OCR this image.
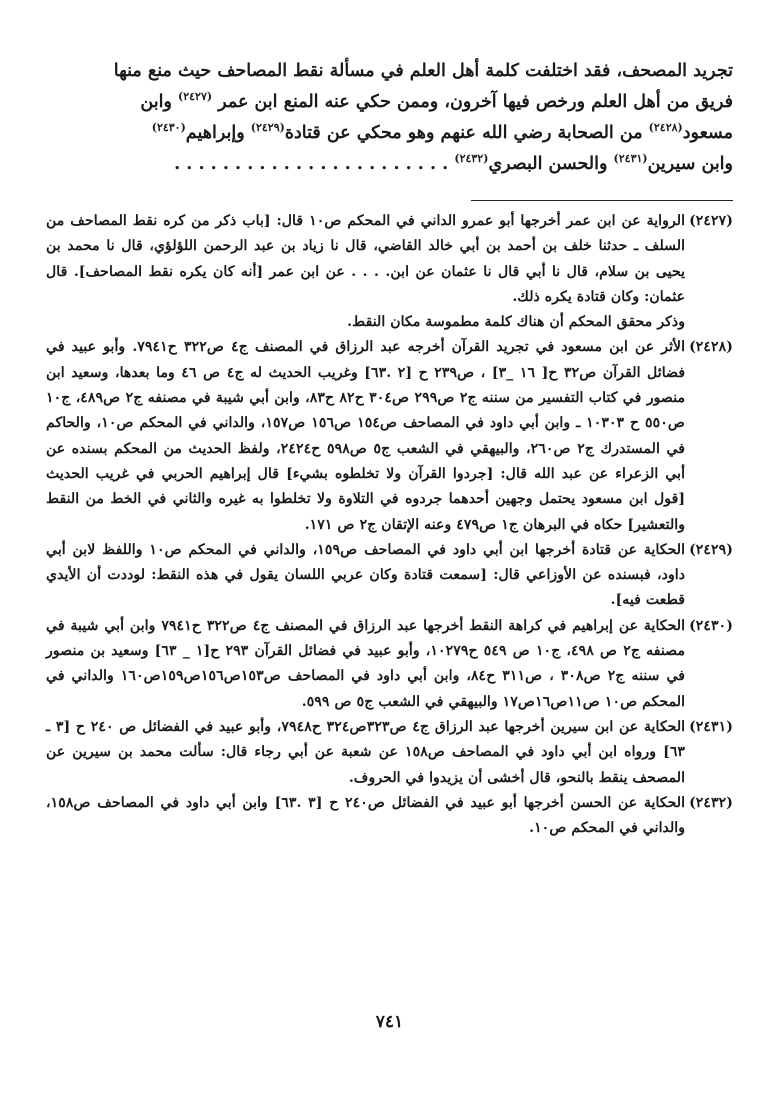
تجريد المصحف، فقد اختلفت كلمة أهل العلم في مسألة نقط المصاحف حيث منع منها

فريق من أهل العلم ورخص فيها آخرون، وممن حكي عنه المنع ابن عمر $^{(٢٤٢٧)}$ وابن

مسعود$^{(٢٤٢٨)}$ من الصحابة رضي الله عنهم وهو محكي عن قتادة$^{(٢٤٢٩)}$ وإبراهيم$^{(٢٤٣٠)}$

وابن سيرين$^{(٢٤٣١)}$ والحسن البصري$^{(٢٤٣٢)}$ . . . . . . . . . . . . . . . . . . . . . . .

(٢٤٢٧)

الرواية عن ابن عمر أخرجها أبو عمرو الداني في المحكم ص١٠ قال: [باب ذكر من كره نقط المصاحف من السلف ـ حدثنا خلف بن أحمد بن أبي خالد القاضي، قال نا زياد بن عبد الرحمن اللؤلؤي، قال نا محمد بن يحيى بن سلام، قال نا أبي قال نا عثمان عن ابن. . . . عن ابن عمر [أنه كان يكره نقط المصاحف]. قال عثمان: وكان قتادة يكره ذلك.

وذكر محقق المحكم أن هناك كلمة مطموسة مكان النقط.

(٢٤٢٨)

الأثر عن ابن مسعود في تجريد القرآن أخرجه عبد الرزاق في المصنف ج٤ ص٣٢٢ ح٧٩٤١. وأبو عبيد في فضائل القرآن ص٣٢ ح[ ١٦ _٣] ، ص٢٣٩ ح [٢ .٦٣] وغريب الحديث له ج٤ ص ٤٦ وما بعدها، وسعيد ابن منصور في كتاب التفسير من سننه ج٢ ص٢٩٩ ص٣٠٤ ح٨٢ ح٨٣، وابن أبي شيبة في مصنفه ج٢ ص٤٨٩، ج١٠ ص٥٥٠ ح ١٠٣٠٣ ـ وابن أبي داود في المصاحف ص١٥٤ ص١٥٦ ص١٥٧، والداني في المحكم ص١٠، والحاكم في المستدرك ج٢ ص٢٦٠، والبيهقي في الشعب ج٥ ص٥٩٨ ح٢٤٢٤، ولفظ الحديث من المحكم بسنده عن أبي الزعراء عن عبد الله قال: [جردوا القرآن ولا تخلطوه بشيء] قال إبراهيم الحربي في غريب الحديث [قول ابن مسعود يحتمل وجهين أحدهما جردوه في التلاوة ولا تخلطوا به غيره والثاني في الخط من النقط والتعشير] حكاه في البرهان ج١ ص٤٧٩ وعنه الإتقان ج٢ ص ١٧١.

(٢٤٢٩)

الحكاية عن قتادة أخرجها ابن أبي داود في المصاحف ص١٥٩، والداني في المحكم ص١٠ واللفظ لابن أبي داود، فبسنده عن الأوزاعي قال: [سمعت قتادة وكان عربي اللسان يقول في هذه النقط: لوددت أن الأيدي قطعت فيه].

(٢٤٣٠)

الحكاية عن إبراهيم في كراهة النقط أخرجها عبد الرزاق في المصنف ج٤ ص٣٢٢ ح٧٩٤١ وابن أبي شيبة في مصنفه ج٢ ص ٤٩٨، ج١٠ ص ٥٤٩ ح١٠٢٧٩، وأبو عبيد في فضائل القرآن ٢٩٣ ح[١ _ ٦٣] وسعيد بن منصور في سننه ج٢ ص٣٠٨ ، ص٣١١ ح٨٤، وابن أبي داود في المصاحف ص١٥٣ص١٥٦ص١٥٩ص١٦٠ والداني في المحكم ص١٠ ص١١ص١٦ص١٧ والبيهقي في الشعب ج٥ ص ٥٩٩.

(٢٤٣١)

الحكاية عن ابن سيرين أخرجها عبد الرزاق ج٤ ص٣٢٣ص٣٢٤ ح٧٩٤٨، وأبو عبيد في الفضائل ص ٢٤٠ ح [٣ ـ ٦٣] ورواه ابن أبي داود في المصاحف ص١٥٨ عن شعبة عن أبي رجاء قال: سألت محمد بن سيرين عن المصحف ينقط بالنحو، قال أخشى أن يزيدوا في الحروف.

(٢٤٣٢)

الحكاية عن الحسن أخرجها أبو عبيد في الفضائل ص٢٤٠ ح [٣ .٦٣] وابن أبي داود في المصاحف ص١٥٨، والداني في المحكم ص١٠.

٧٤١
